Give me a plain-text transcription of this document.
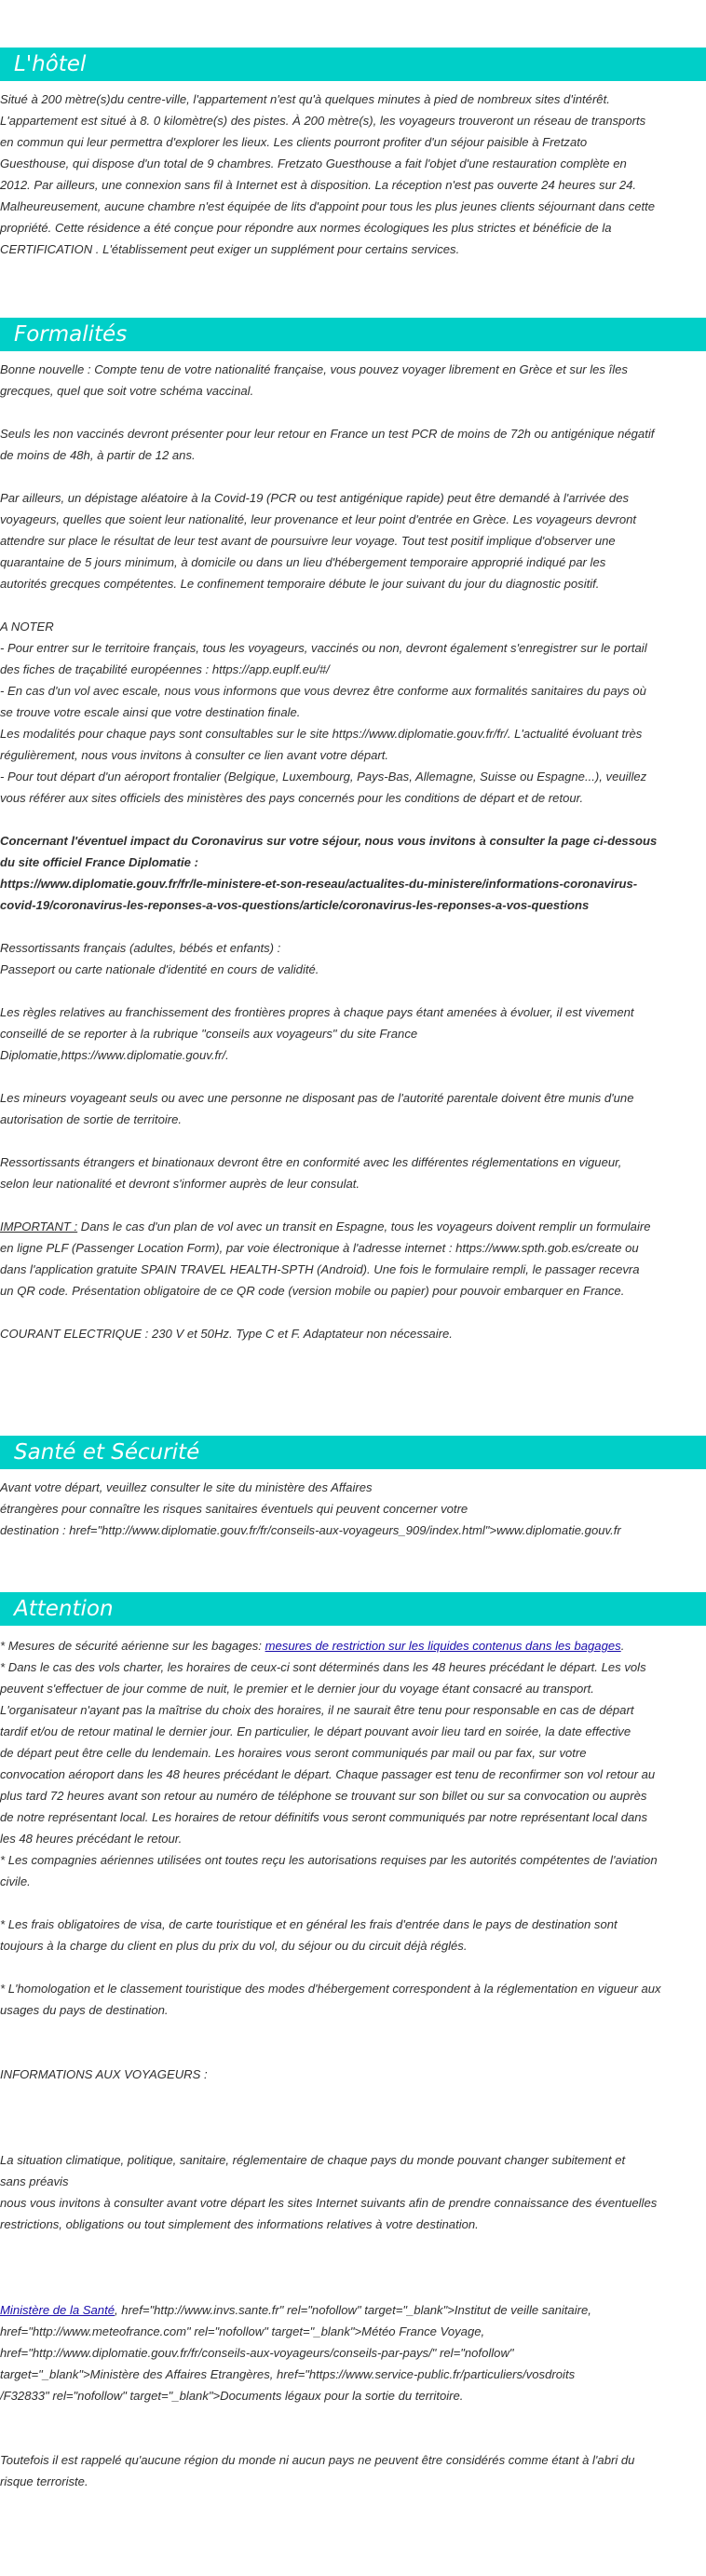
L'hôtel

Situé à 200 mètre(s)du centre-ville, l'appartement n'est qu'à quelques minutes à pied de nombreux sites d'intérêt.

L'appartement est situé à 8. 0 kilomètre(s) des pistes. À 200 mètre(s), les voyageurs trouveront un réseau de transports

en commun qui leur permettra d'explorer les lieux. Les clients pourront profiter d'un séjour paisible à Fretzato

Guesthouse, qui dispose d'un total de 9 chambres. Fretzato Guesthouse a fait l'objet d'une restauration complète en

2012. Par ailleurs, une connexion sans fil à Internet est à disposition. La réception n'est pas ouverte 24 heures sur 24.

Malheureusement, aucune chambre n'est équipée de lits d'appoint pour tous les plus jeunes clients séjournant dans cette

propriété. Cette résidence a été conçue pour répondre aux normes écologiques les plus strictes et bénéficie de la

CERTIFICATION . L'établissement peut exiger un supplément pour certains services.

Formalités

Bonne nouvelle : Compte tenu de votre nationalité française, vous pouvez voyager librement en Grèce et sur les îles

grecques, quel que soit votre schéma vaccinal.

Seuls les non vaccinés devront présenter pour leur retour en France un test PCR de moins de 72h ou antigénique négatif

de moins de 48h, à partir de 12 ans.

Par ailleurs, un dépistage aléatoire à la Covid-19 (PCR ou test antigénique rapide) peut être demandé à l'arrivée des

voyageurs, quelles que soient leur nationalité, leur provenance et leur point d'entrée en Grèce. Les voyageurs devront

attendre sur place le résultat de leur test avant de poursuivre leur voyage. Tout test positif implique d'observer une

quarantaine de 5 jours minimum, à domicile ou dans un lieu d'hébergement temporaire approprié indiqué par les

autorités grecques compétentes. Le confinement temporaire débute le jour suivant du jour du diagnostic positif.

A NOTER

- Pour entrer sur le territoire français, tous les voyageurs, vaccinés ou non, devront également s'enregistrer sur le portail

des fiches de traçabilité européennes : https://app.euplf.eu/#/

- En cas d'un vol avec escale, nous vous informons que vous devrez être conforme aux formalités sanitaires du pays où

se trouve votre escale ainsi que votre destination finale.

Les modalités pour chaque pays sont consultables sur le site https://www.diplomatie.gouv.fr/fr/. L'actualité évoluant très

régulièrement, nous vous invitons à consulter ce lien avant votre départ.

- Pour tout départ d'un aéroport frontalier (Belgique, Luxembourg, Pays-Bas, Allemagne, Suisse ou Espagne...), veuillez

vous référer aux sites officiels des ministères des pays concernés pour les conditions de départ et de retour.

Concernant l'éventuel impact du Coronavirus sur votre séjour, nous vous invitons à consulter la page ci-dessous

du site officiel France Diplomatie :

https://www.diplomatie.gouv.fr/fr/le-ministere-et-son-reseau/actualites-du-ministere/informations-coronavirus-

covid-19/coronavirus-les-reponses-a-vos-questions/article/coronavirus-les-reponses-a-vos-questions

Ressortissants français (adultes, bébés et enfants) :

Passeport ou carte nationale d'identité en cours de validité.

Les règles relatives au franchissement des frontières propres à chaque pays étant amenées à évoluer, il est vivement

conseillé de se reporter à la rubrique "conseils aux voyageurs" du site France

Diplomatie,https://www.diplomatie.gouv.fr/.

Les mineurs voyageant seuls ou avec une personne ne disposant pas de l'autorité parentale doivent être munis d'une

autorisation de sortie de territoire.

Ressortissants étrangers et binationaux devront être en conformité avec les différentes réglementations en vigueur,

selon leur nationalité et devront s'informer auprès de leur consulat.

IMPORTANT : Dans le cas d'un plan de vol avec un transit en Espagne, tous les voyageurs doivent remplir un formulaire

en ligne PLF (Passenger Location Form), par voie électronique à l'adresse internet : https://www.spth.gob.es/create ou

dans l'application gratuite SPAIN TRAVEL HEALTH-SPTH (Android). Une fois le formulaire rempli, le passager recevra

un QR code. Présentation obligatoire de ce QR code (version mobile ou papier) pour pouvoir embarquer en France.

COURANT ELECTRIQUE : 230 V et 50Hz. Type C et F. Adaptateur non nécessaire.

Santé et Sécurité

Avant votre départ, veuillez consulter le site du ministère des Affaires

étrangères pour connaître les risques sanitaires éventuels qui peuvent concerner votre

destination : href="http://www.diplomatie.gouv.fr/fr/conseils-aux-voyageurs_909/index.html">www.diplomatie.gouv.fr

Attention

* Mesures de sécurité aérienne sur les bagages: mesures de restriction sur les liquides contenus dans les bagages.

* Dans le cas des vols charter, les horaires de ceux-ci sont déterminés dans les 48 heures précédant le départ. Les vols

peuvent s'effectuer de jour comme de nuit, le premier et le dernier jour du voyage étant consacré au transport.

L'organisateur n'ayant pas la maîtrise du choix des horaires, il ne saurait être tenu pour responsable en cas de départ

tardif et/ou de retour matinal le dernier jour. En particulier, le départ pouvant avoir lieu tard en soirée, la date effective

de départ peut être celle du lendemain. Les horaires vous seront communiqués par mail ou par fax, sur votre

convocation aéroport dans les 48 heures précédant le départ. Chaque passager est tenu de reconfirmer son vol retour au

plus tard 72 heures avant son retour au numéro de téléphone se trouvant sur son billet ou sur sa convocation ou auprès

de notre représentant local. Les horaires de retour définitifs vous seront communiqués par notre représentant local dans

les 48 heures précédant le retour.

* Les compagnies aériennes utilisées ont toutes reçu les autorisations requises par les autorités compétentes de l'aviation

civile.

* Les frais obligatoires de visa, de carte touristique et en général les frais d'entrée dans le pays de destination sont

toujours à la charge du client en plus du prix du vol, du séjour ou du circuit déjà réglés.

* L'homologation et le classement touristique des modes d'hébergement correspondent à la réglementation en vigueur aux

usages du pays de destination.

INFORMATIONS AUX VOYAGEURS :

La situation climatique, politique, sanitaire, réglementaire de chaque pays du monde pouvant changer subitement et

sans préavis

nous vous invitons à consulter avant votre départ les sites Internet suivants afin de prendre connaissance des éventuelles

restrictions, obligations ou tout simplement des informations relatives à votre destination.

Ministère de la Santé, href="http://www.invs.sante.fr" rel="nofollow" target="_blank">Institut de veille sanitaire,

href="http://www.meteofrance.com" rel="nofollow" target="_blank">Météo France Voyage,

href="http://www.diplomatie.gouv.fr/fr/conseils-aux-voyageurs/conseils-par-pays/" rel="nofollow"

target="_blank">Ministère des Affaires Etrangères, href="https://www.service-public.fr/particuliers/vosdroits

/F32833" rel="nofollow" target="_blank">Documents légaux pour la sortie du territoire.

Toutefois il est rappelé qu'aucune région du monde ni aucun pays ne peuvent être considérés comme étant à l'abri du

risque terroriste.
